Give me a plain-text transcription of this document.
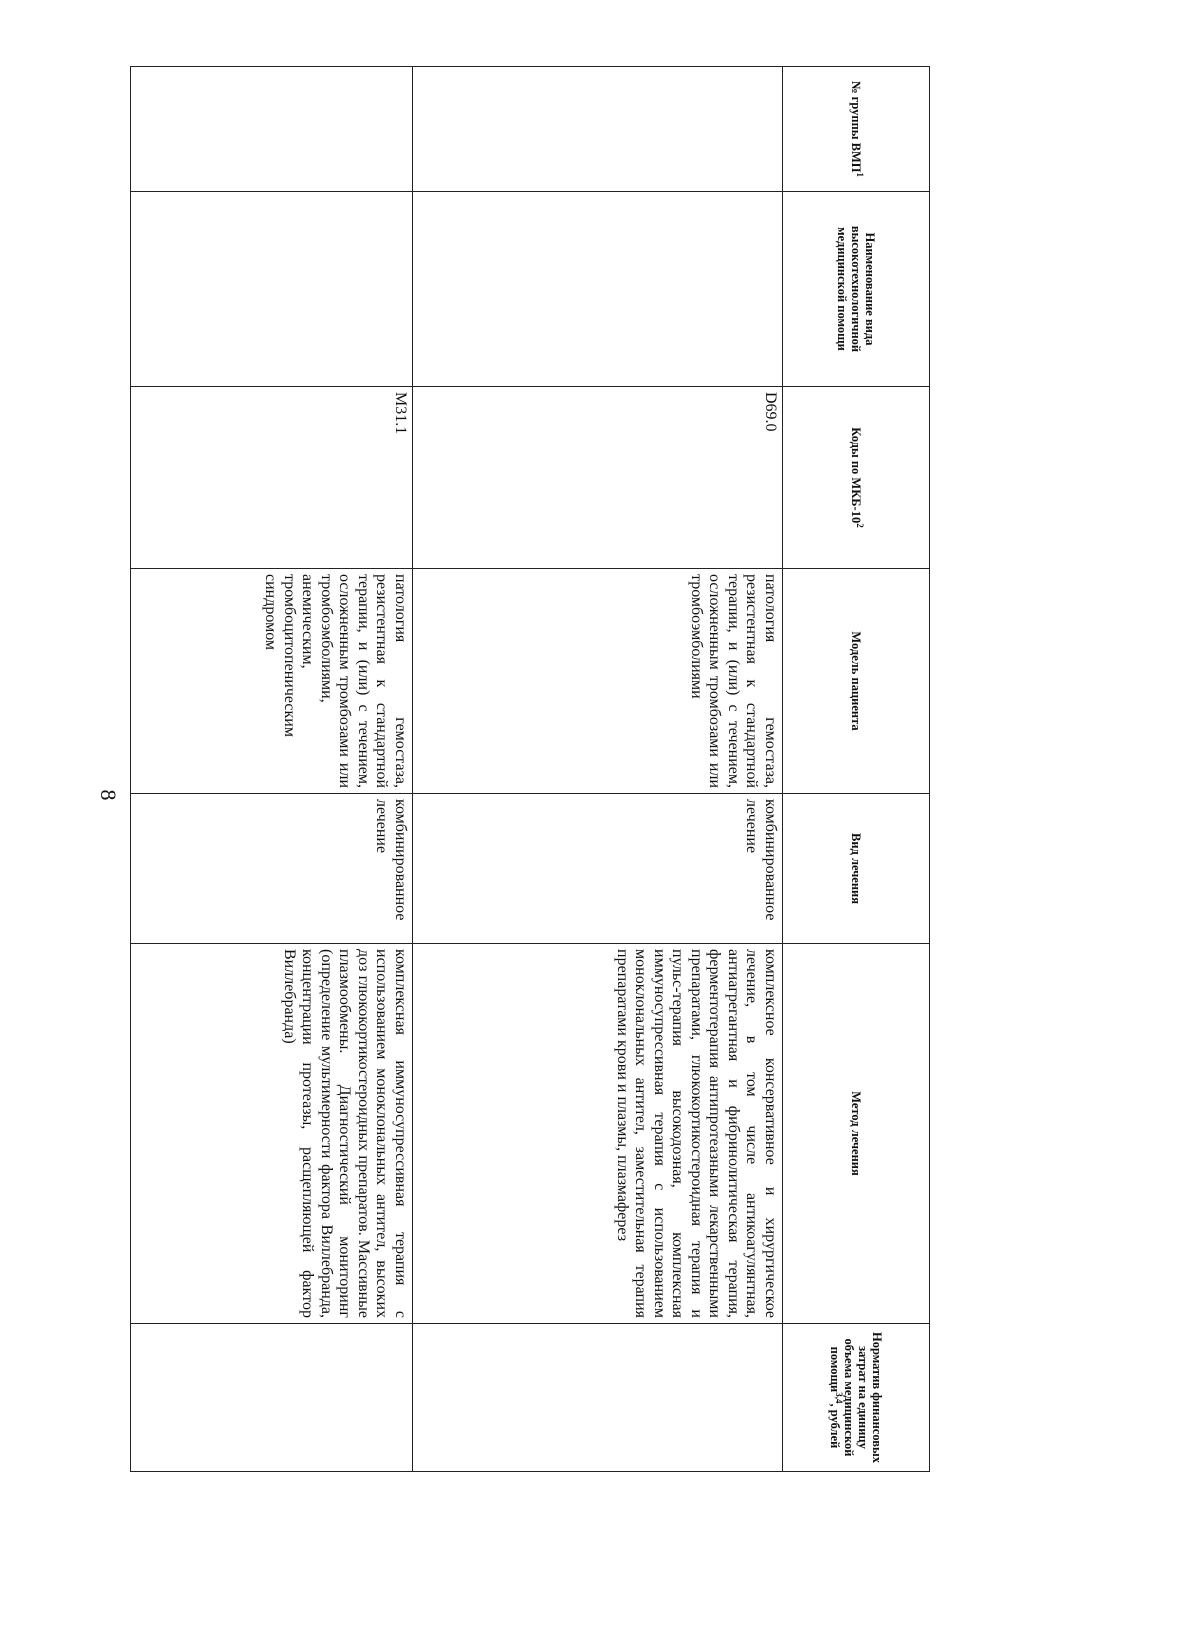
8
№ группы ВМП$^1$	Наименование вида высокотехнологичной медицинской помощи	Коды по МКБ-$10^2$	Модель пациента	Вид лечения	Метод лечения	Норматив финансовых затрат на единицу объема медицинской помощи$^{3,4}$, рублей
		D69.0	патология гемостаза, резистентная к стандартной терапии, и (или) с течением, осложненным тромбозами или тромбоэмболиями	комбинированное лечение	комплексное консервативное и хирургическое лечение, в том числе антикоагулянтная, антиагрегантная и фибринолитическая терапия, ферментотерапия антипротеазными лекарственными препаратами, глюкокортикостероидная терапия и пульс-терапия высокодозная, комплексная иммуносупрессивная терапия с использованием моноклональных антител, заместительная терапия препаратами крови и плазмы, плазмаферез	
		М31.1	патология гемостаза, резистентная к стандартной терапии, и (или) с течением, осложненным тромбозами или тромбоэмболиями, анемическим, тромбоцитопеническим синдромом	комбинированное лечение	комплексная иммуносупрессивная терапия с использованием моноклональных антител, высоких доз глюкокортикостероидных препаратов. Массивные плазмообмены. Диагностический мониторинг (определение мультимерности фактора Виллебранда, концентрации протеазы, расщепляющей фактор Виллебранда)	
